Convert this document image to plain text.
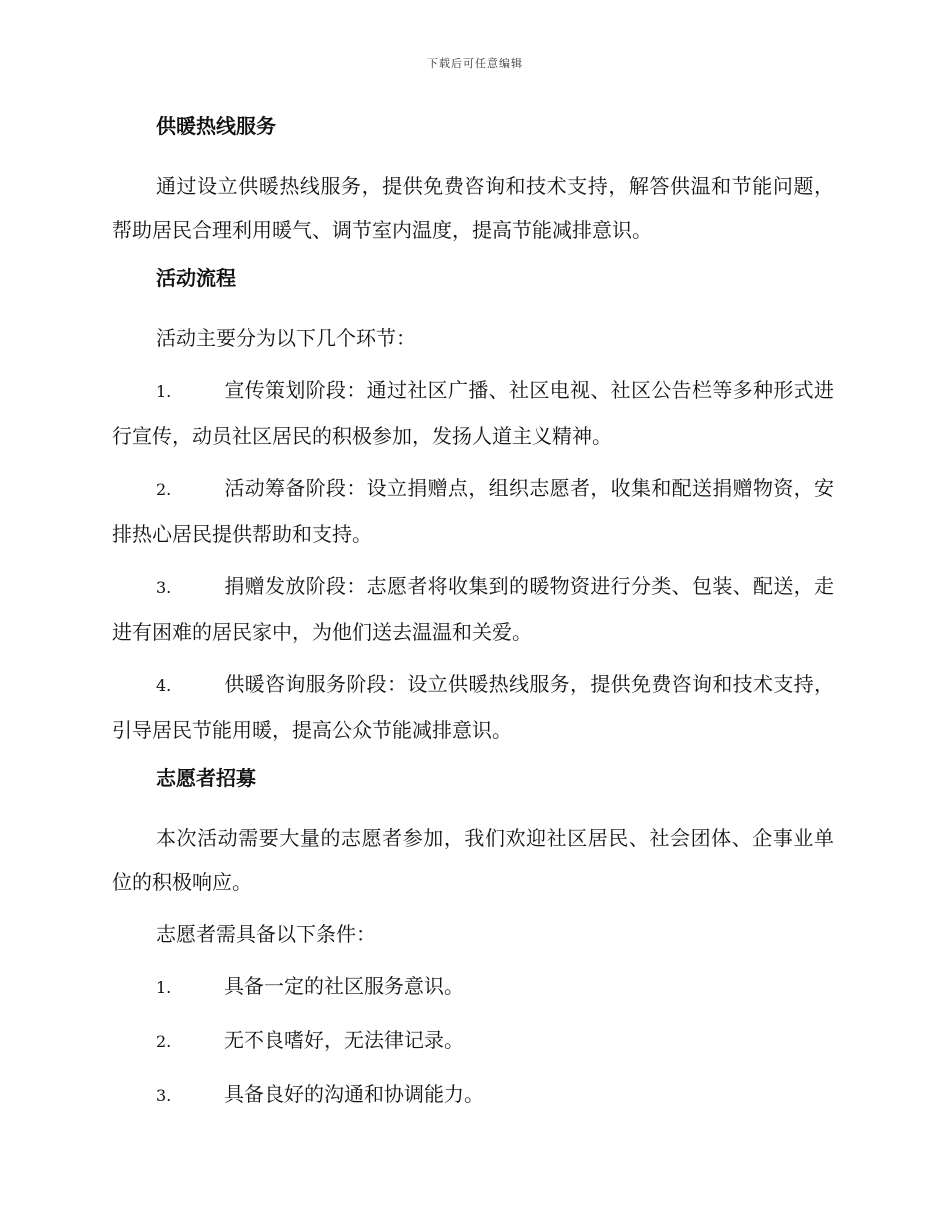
下载后可任意编辑
供暖热线服务

通过设立供暖热线服务，提供免费咨询和技术支持，解答供温和节能问题，帮助居民合理利用暖气、调节室内温度，提高节能减排意识。

活动流程

活动主要分为以下几个环节：

1.	宣传策划阶段：通过社区广播、社区电视、社区公告栏等多种形式进行宣传，动员社区居民的积极参加，发扬人道主义精神。

2.	活动筹备阶段：设立捐赠点，组织志愿者，收集和配送捐赠物资，安排热心居民提供帮助和支持。

3.	捐赠发放阶段：志愿者将收集到的暖物资进行分类、包装、配送，走进有困难的居民家中，为他们送去温温和关爱。

4.	供暖咨询服务阶段：设立供暖热线服务，提供免费咨询和技术支持，引导居民节能用暖，提高公众节能减排意识。

志愿者招募

本次活动需要大量的志愿者参加，我们欢迎社区居民、社会团体、企事业单位的积极响应。

志愿者需具备以下条件：

1.	具备一定的社区服务意识。

2.	无不良嗜好，无法律记录。

3.	具备良好的沟通和协调能力。
